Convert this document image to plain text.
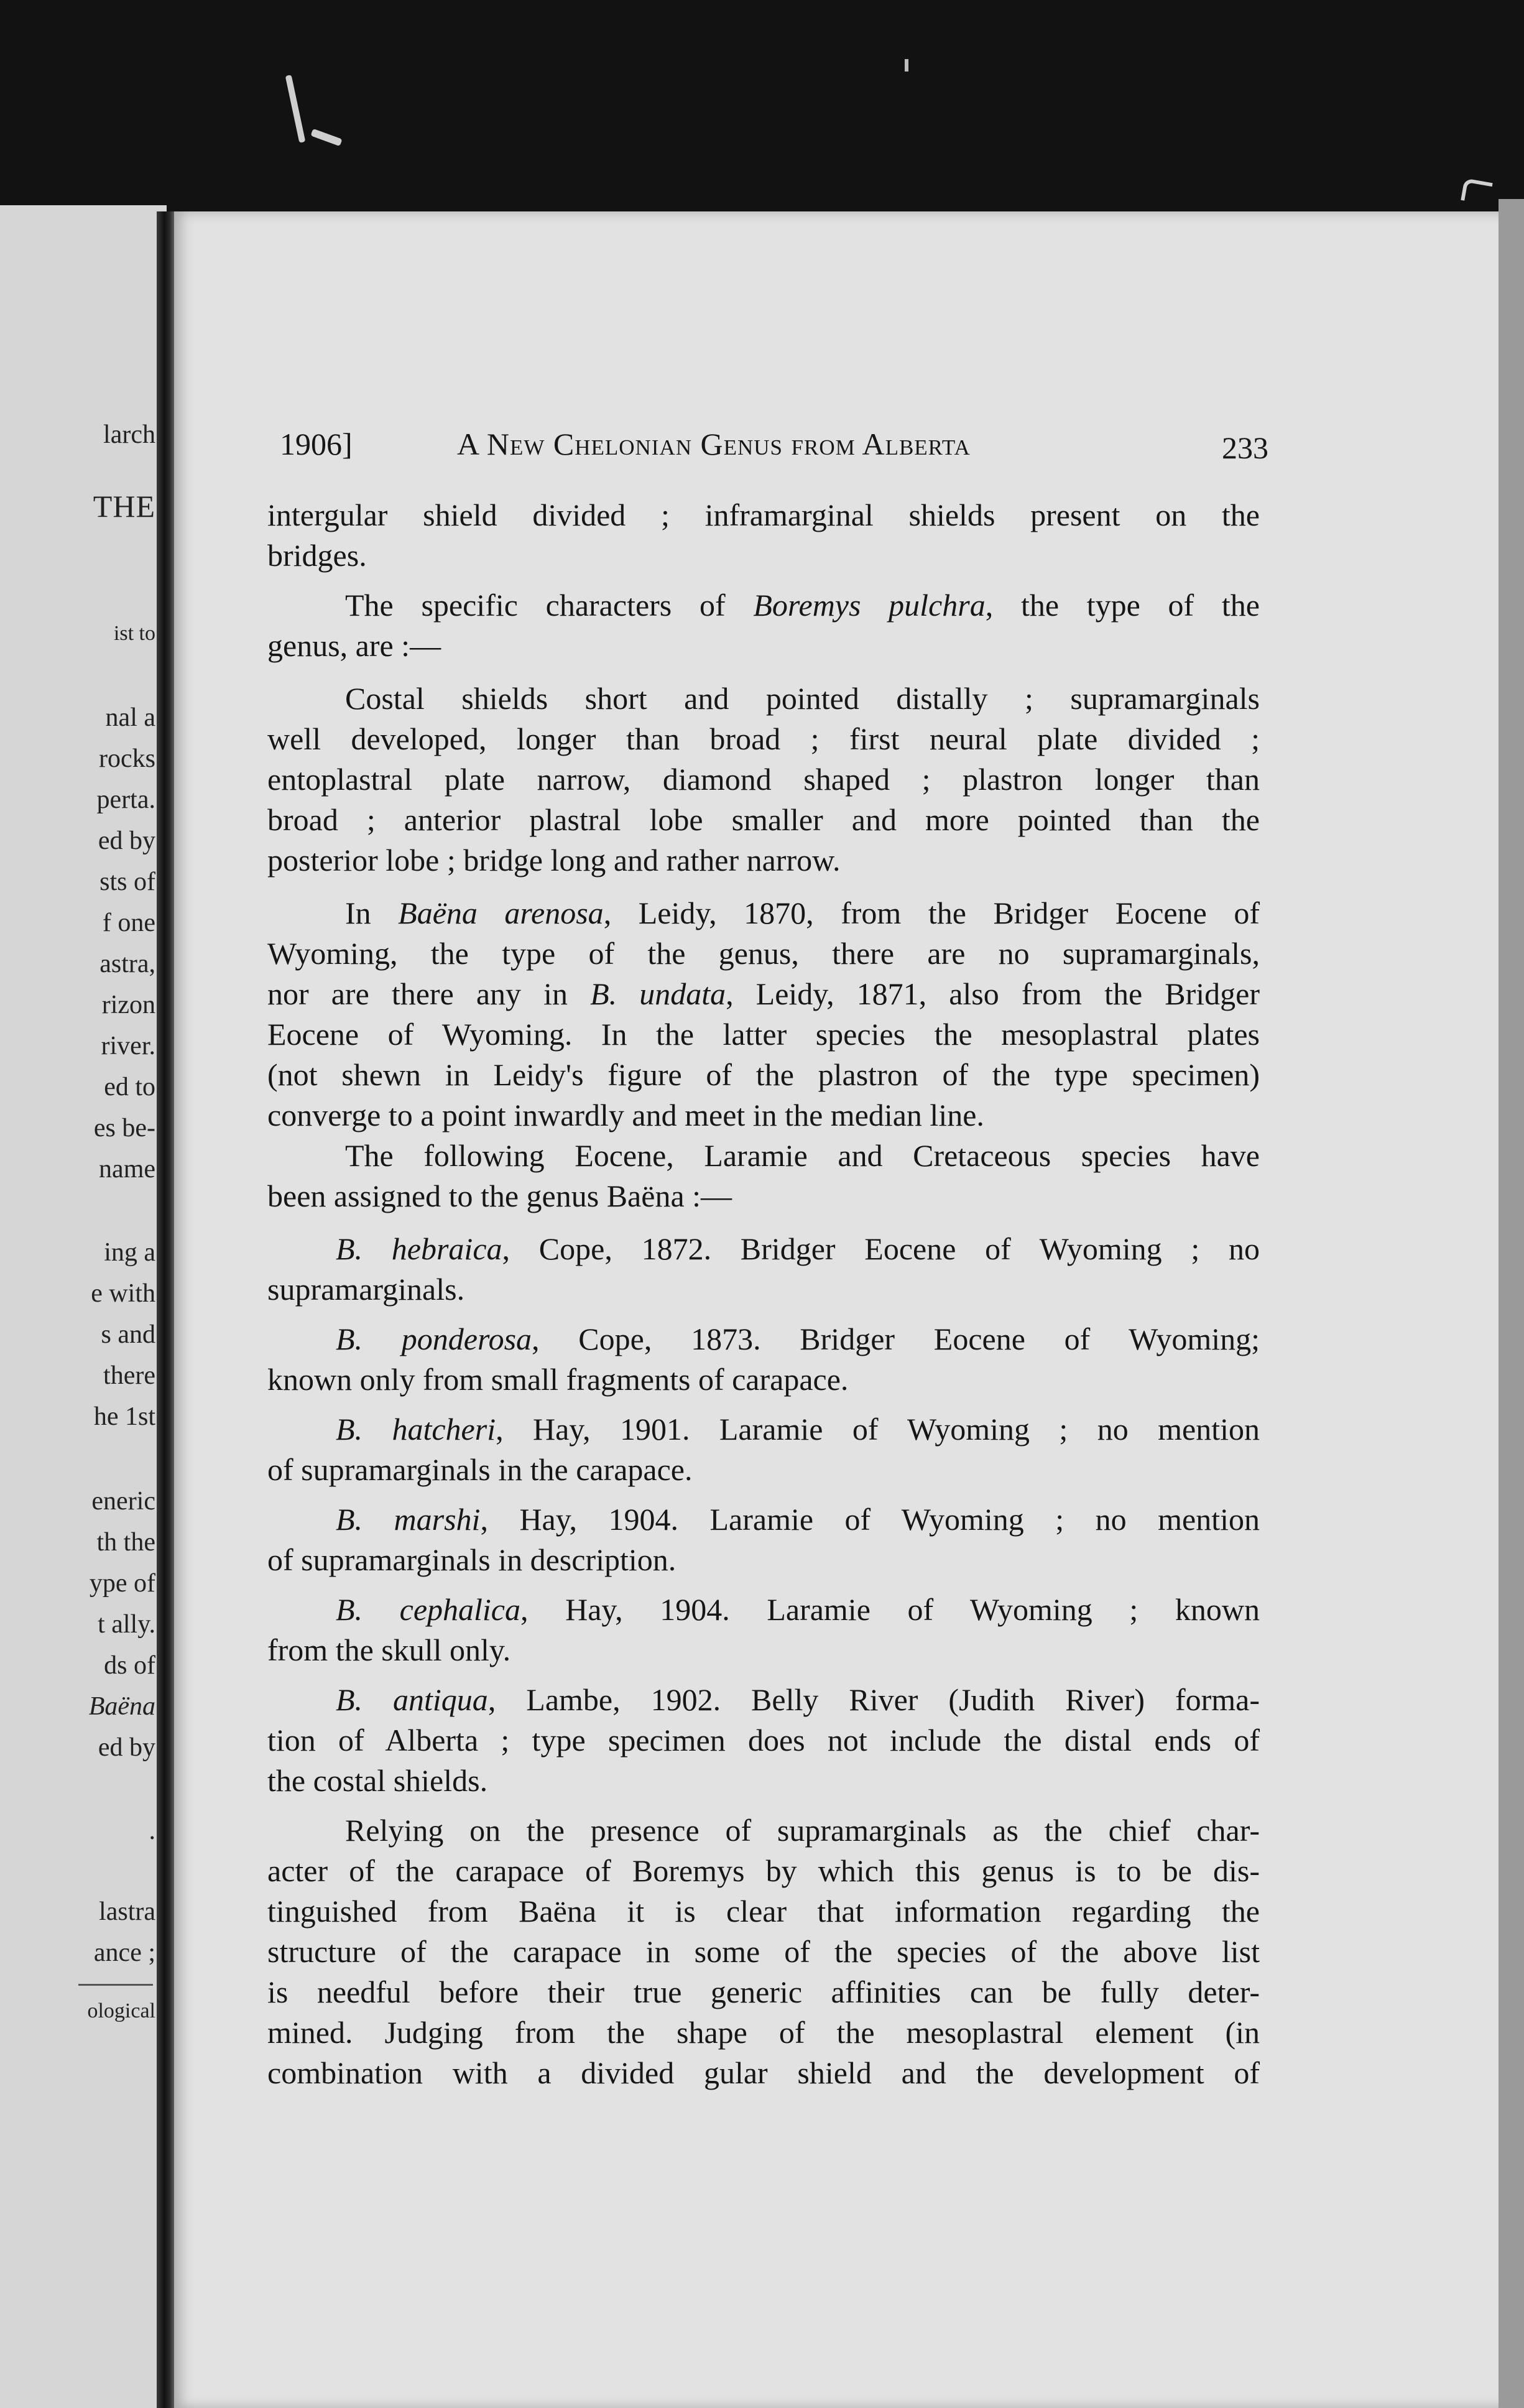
larch
THE
ist to
nal a
rocks
perta.
ed by
sts of
f one
astra,
rizon
river.
ed to
es be-
name
ing a
e with
s and
there
he 1st
eneric
th the
ype of
t ally.
ds of
Baëna
ed by
.
lastra
ance ;
ological
1906]	A New Chelonian Genus from Alberta	233
intergular shield divided ; inframarginal shields present on the
bridges.
The specific characters of Boremys pulchra, the type of the
genus, are :—
Costal shields short and pointed distally ; supramarginals
well developed, longer than broad ; first neural plate divided ;
entoplastral plate narrow, diamond shaped ; plastron longer than
broad ; anterior plastral lobe smaller and more pointed than the
posterior lobe ; bridge long and rather narrow.
In Baëna arenosa, Leidy, 1870, from the Bridger Eocene of
Wyoming, the type of the genus, there are no supramarginals,
nor are there any in B. undata, Leidy, 1871, also from the Bridger
Eocene of Wyoming. In the latter species the mesoplastral plates
(not shewn in Leidy's figure of the plastron of the type specimen)
converge to a point inwardly and meet in the median line.
The following Eocene, Laramie and Cretaceous species have
been assigned to the genus Baëna :—
B. hebraica, Cope, 1872. Bridger Eocene of Wyoming ; no
supramarginals.
B. ponderosa, Cope, 1873. Bridger Eocene of Wyoming;
known only from small fragments of carapace.
B. hatcheri, Hay, 1901. Laramie of Wyoming ; no mention
of supramarginals in the carapace.
B. marshi, Hay, 1904. Laramie of Wyoming ; no mention
of supramarginals in description.
B. cephalica, Hay, 1904. Laramie of Wyoming ; known
from the skull only.
B. antiqua, Lambe, 1902. Belly River (Judith River) forma-
tion of Alberta ; type specimen does not include the distal ends of
the costal shields.
Relying on the presence of supramarginals as the chief char-
acter of the carapace of Boremys by which this genus is to be dis-
tinguished from Baëna it is clear that information regarding the
structure of the carapace in some of the species of the above list
is needful before their true generic affinities can be fully deter-
mined. Judging from the shape of the mesoplastral element (in
combination with a divided gular shield and the development of
